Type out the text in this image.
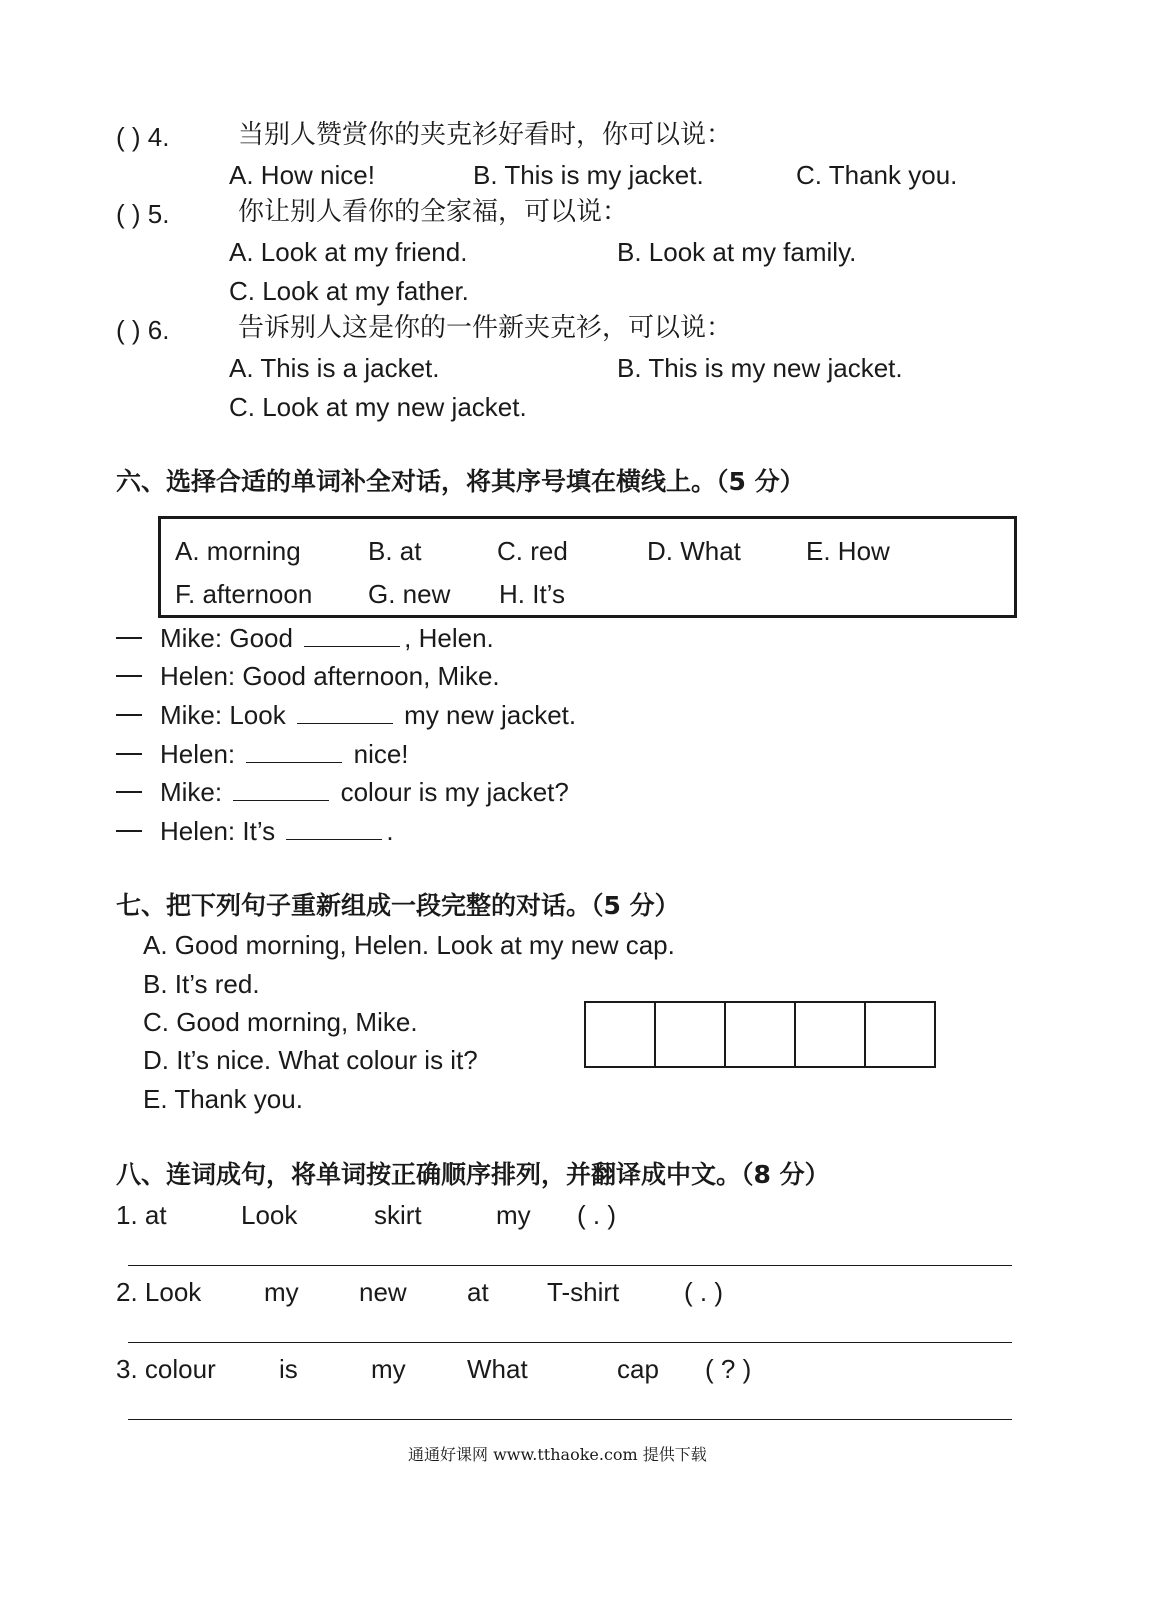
( ) 4.	当别人赞赏你的夹克衫好看时，你可以说：
A. How nice!	B. This is my jacket.	C. Thank you.
( ) 5.	你让别人看你的全家福，可以说：
A. Look at my friend.	B. Look at my family.
C. Look at my father.
( ) 6.	告诉别人这是你的一件新夹克衫，可以说：
A. This is a jacket.	B. This is my new jacket.
C. Look at my new jacket.
六、选择合适的单词补全对话，将其序号填在横线上。（5 分）
A. morning	B. at	C. red	D. What	E. How
F. afternoon G. new H. It’s
Mike: Good	, Helen.
Helen: Good afternoon, Mike.
Mike: Look	my new jacket.
Helen:	nice!
Mike:	colour is my jacket?
Helen: It’s	.
七、把下列句子重新组成一段完整的对话。（5 分）
A. Good morning, Helen. Look at my new cap.
B. It’s red.
C. Good morning, Mike.
D. It’s nice. What colour is it?
E. Thank you.
八、连词成句，将单词按正确顺序排列，并翻译成中文。（8 分）
1. at	Look	skirt	my ( . )
2. Look my new at T-shirt ( . )
3. colour is	my What	cap ( ? )
通通好课网 www.tthaoke.com 提供下载
